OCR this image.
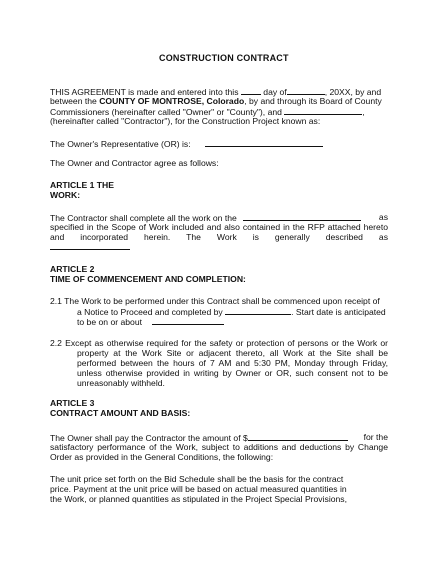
CONSTRUCTION CONTRACT
THIS AGREEMENT is made and entered into this	day of	, 20XX, by and
between the COUNTY OF MONTROSE, Colorado, by and through its Board of County
Commissioners (hereinafter called "Owner" or "County"), and	,
(hereinafter called "Contractor"), for the Construction Project known as:
The Owner's Representative (OR) is:
The Owner and Contractor agree as follows:
ARTICLE 1 THE
WORK:
The Contractor shall complete all the work on the	as
specified in the Scope of Work included and also contained in the RFP attached hereto
and incorporated herein. The Work is generally described as
ARTICLE 2
TIME OF COMMENCEMENT AND COMPLETION:
2.1 The Work to be performed under this Contract shall be commenced upon receipt of
a Notice to Proceed and completed by	. Start date is anticipated
to be on or about
2.2 Except as otherwise required for the safety or protection of persons or the Work or
property at the Work Site or adjacent thereto, all Work at the Site shall be
performed between the hours of 7 AM and 5:30 PM, Monday through Friday,
unless otherwise provided in writing by Owner or OR, such consent not to be
unreasonably withheld.
ARTICLE 3
CONTRACT AMOUNT AND BASIS:
The Owner shall pay the Contractor the amount of $	for the
satisfactory performance of the Work, subject to additions and deductions by Change
Order as provided in the General Conditions, the following:
The unit price set forth on the Bid Schedule shall be the basis for the contract
price. Payment at the unit price will be based on actual measured quantities in
the Work, or planned quantities as stipulated in the Project Special Provisions,
